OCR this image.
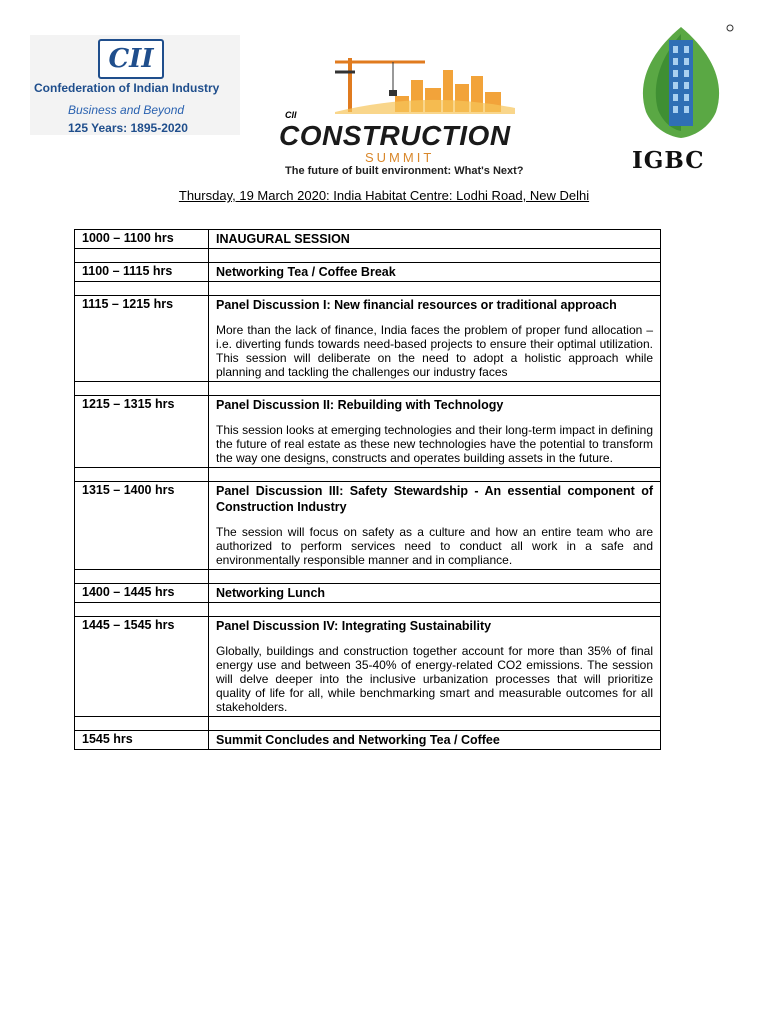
CII
Confederation of Indian Industry
Business and Beyond
125 Years: 1895-2020
CII
CONSTRUCTION
SUMMIT
The future of built environment: What's Next?	IGBC
Thursday, 19 March 2020: India Habitat Centre: Lodhi Road, New Delhi
1000 – 1100 hrs	INAUGURAL SESSION

1100 – 1115 hrs	Networking Tea / Coffee Break

1115 – 1215 hrs	Panel Discussion I: New financial resources or traditional approach
More than the lack of finance, India faces the problem of proper fund allocation – i.e. diverting funds towards need-based projects to ensure their optimal utilization. This session will deliberate on the need to adopt a holistic approach while planning and tackling the challenges our industry faces

1215 – 1315 hrs	Panel Discussion II: Rebuilding with Technology
This session looks at emerging technologies and their long-term impact in defining the future of real estate as these new technologies have the potential to transform the way one designs, constructs and operates building assets in the future.

1315 – 1400 hrs	Panel Discussion III: Safety Stewardship - An essential component of Construction Industry
The session will focus on safety as a culture and how an entire team who are authorized to perform services need to conduct all work in a safe and environmentally responsible manner and in compliance.

1400 – 1445 hrs	Networking Lunch

1445 – 1545 hrs	Panel Discussion IV: Integrating Sustainability
Globally, buildings and construction together account for more than 35% of final energy use and between 35-40% of energy-related CO2 emissions. The session will delve deeper into the inclusive urbanization processes that will prioritize quality of life for all, while benchmarking smart and measurable outcomes for all stakeholders.

1545 hrs	Summit Concludes and Networking Tea / Coffee
